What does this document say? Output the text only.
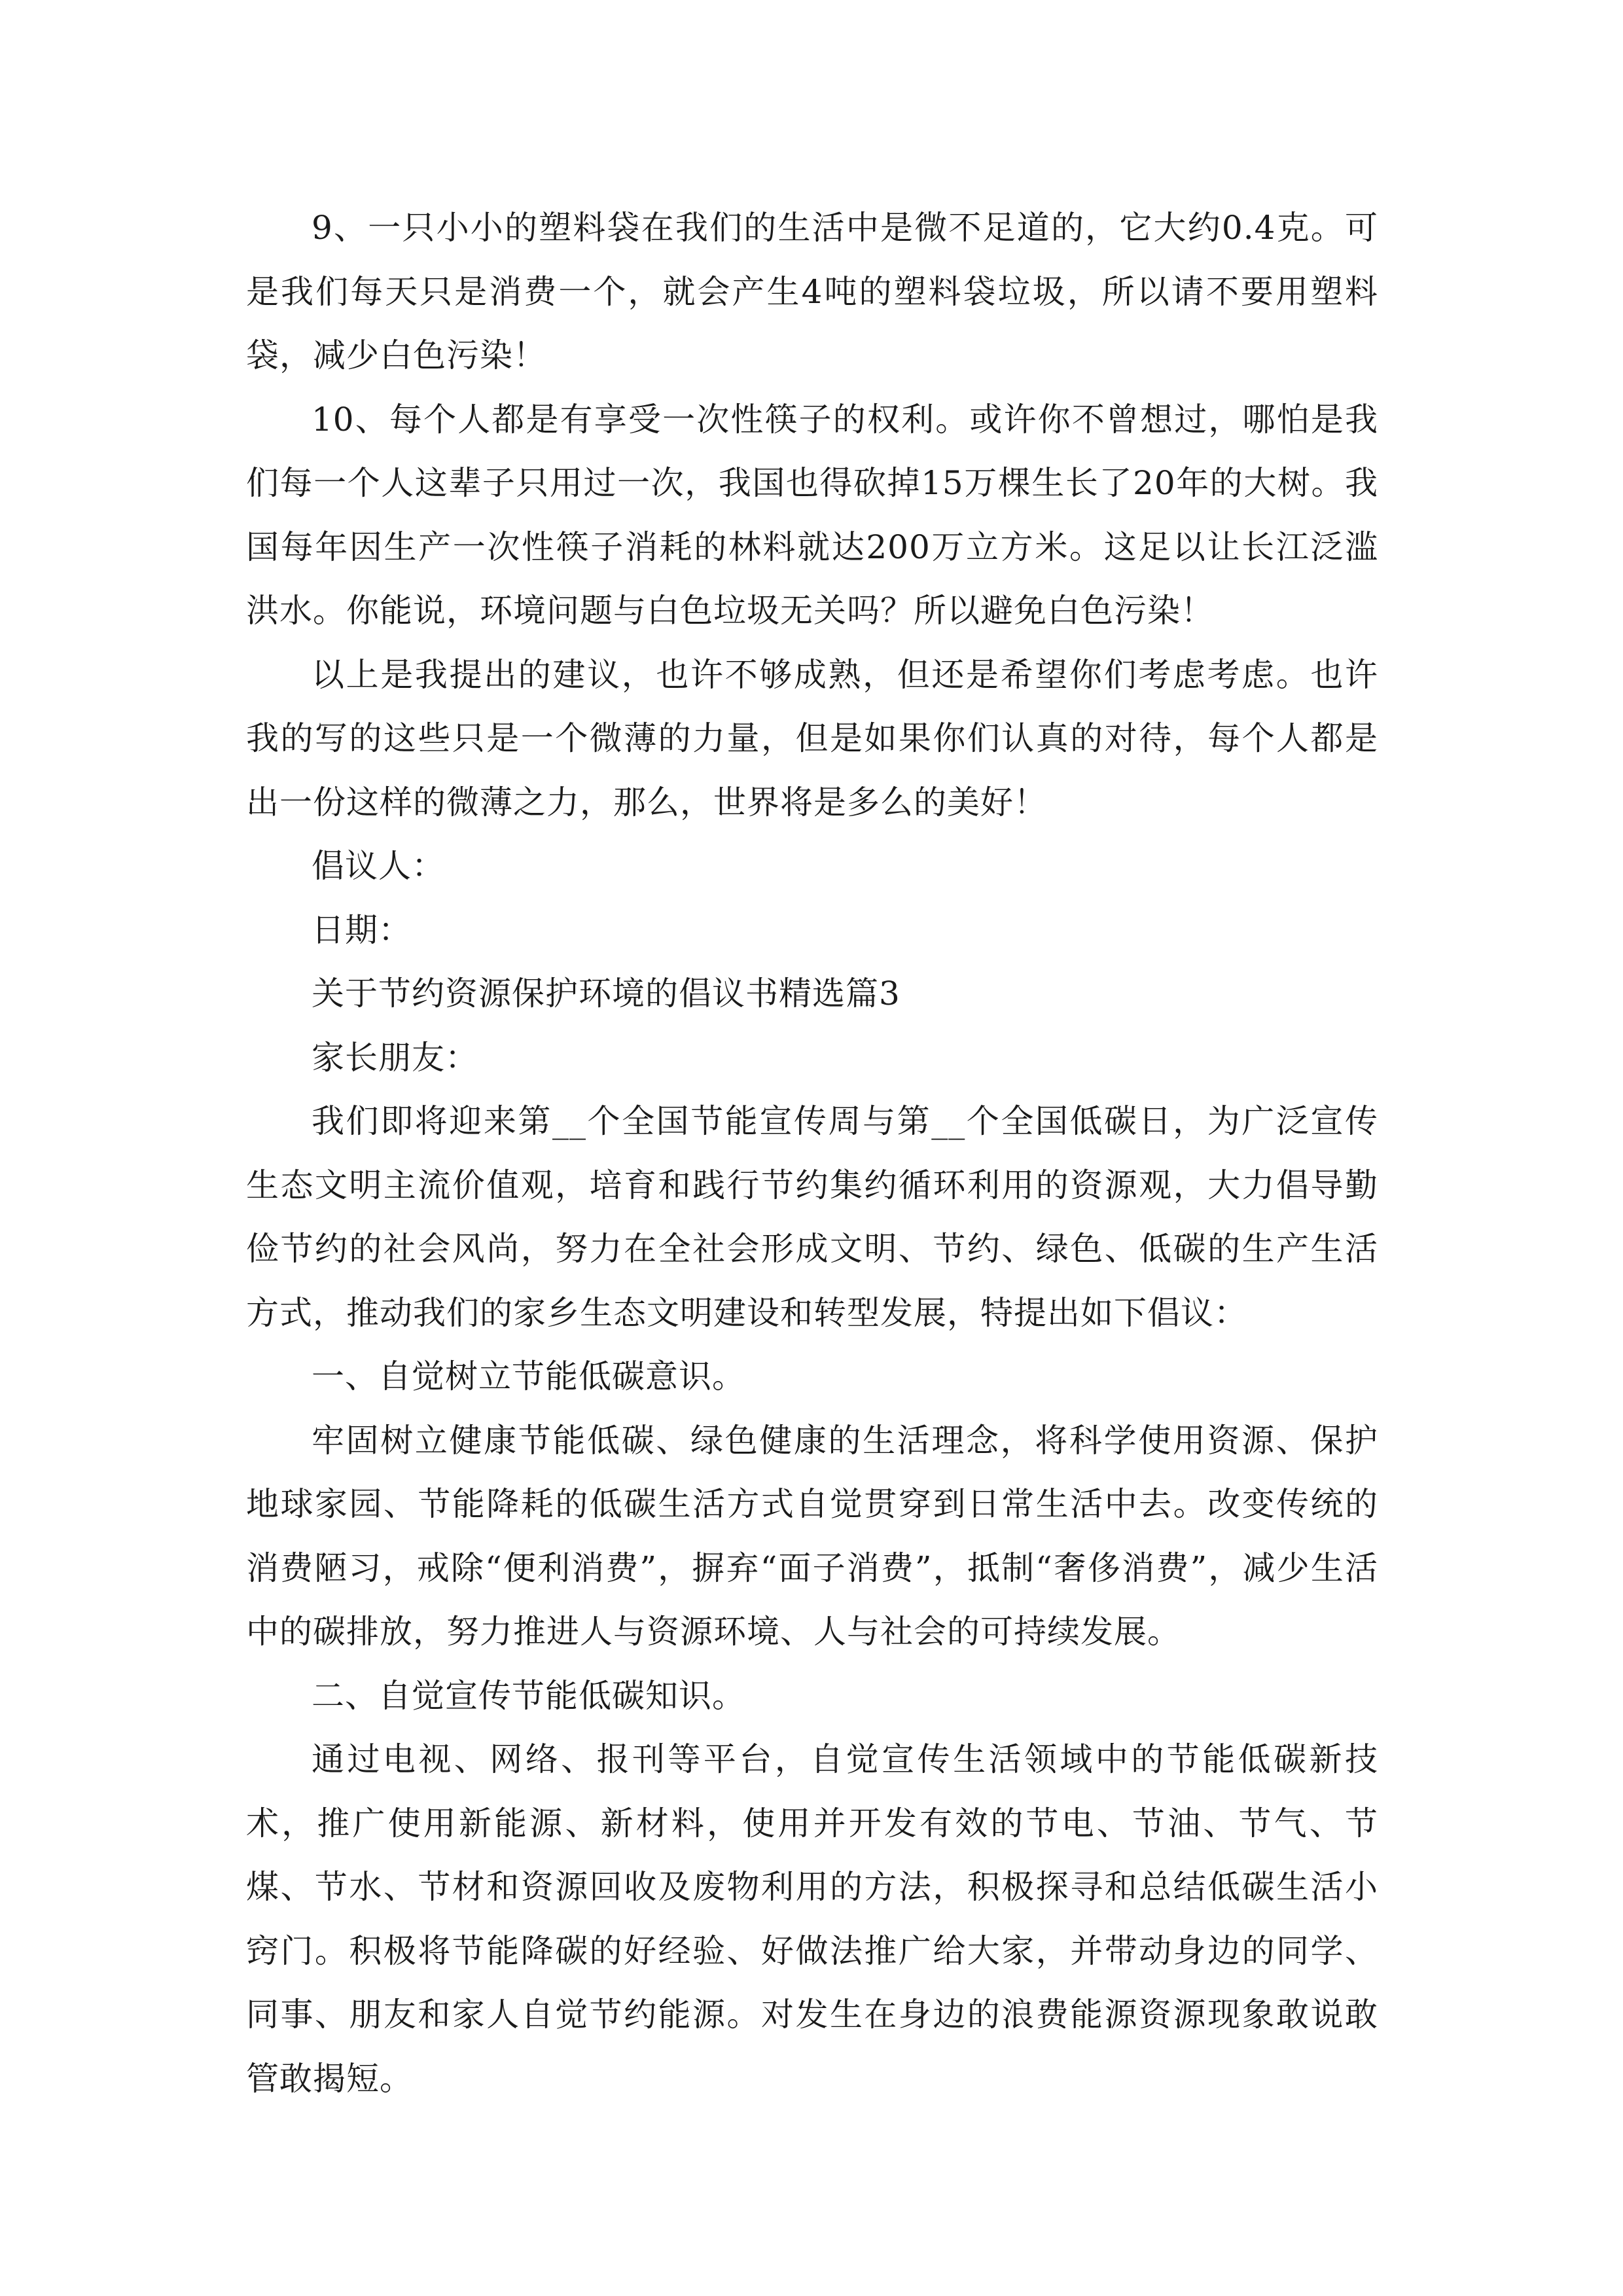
9、一只小小的塑料袋在我们的生活中是微不足道的，它大约0.4克。可是我们每天只是消费一个，就会产生4吨的塑料袋垃圾，所以请不要用塑料袋，减少白色污染！

10、每个人都是有享受一次性筷子的权利。或许你不曾想过，哪怕是我们每一个人这辈子只用过一次，我国也得砍掉15万棵生长了20年的大树。我国每年因生产一次性筷子消耗的林料就达200万立方米。这足以让长江泛滥洪水。你能说，环境问题与白色垃圾无关吗？所以避免白色污染！

以上是我提出的建议，也许不够成熟，但还是希望你们考虑考虑。也许我的写的这些只是一个微薄的力量，但是如果你们认真的对待，每个人都是出一份这样的微薄之力，那么，世界将是多么的美好！

倡议人：

日期：

关于节约资源保护环境的倡议书精选篇3

家长朋友：

我们即将迎来第__个全国节能宣传周与第__个全国低碳日，为广泛宣传生态文明主流价值观，培育和践行节约集约循环利用的资源观，大力倡导勤俭节约的社会风尚，努力在全社会形成文明、节约、绿色、低碳的生产生活方式，推动我们的家乡生态文明建设和转型发展，特提出如下倡议：

一、自觉树立节能低碳意识。

牢固树立健康节能低碳、绿色健康的生活理念，将科学使用资源、保护地球家园、节能降耗的低碳生活方式自觉贯穿到日常生活中去。改变传统的消费陋习，戒除“便利消费”，摒弃“面子消费”，抵制“奢侈消费”，减少生活中的碳排放，努力推进人与资源环境、人与社会的可持续发展。

二、自觉宣传节能低碳知识。

通过电视、网络、报刊等平台，自觉宣传生活领域中的节能低碳新技术，推广使用新能源、新材料，使用并开发有效的节电、节油、节气、节煤、节水、节材和资源回收及废物利用的方法，积极探寻和总结低碳生活小窍门。积极将节能降碳的好经验、好做法推广给大家，并带动身边的同学、同事、朋友和家人自觉节约能源。对发生在身边的浪费能源资源现象敢说敢管敢揭短。
